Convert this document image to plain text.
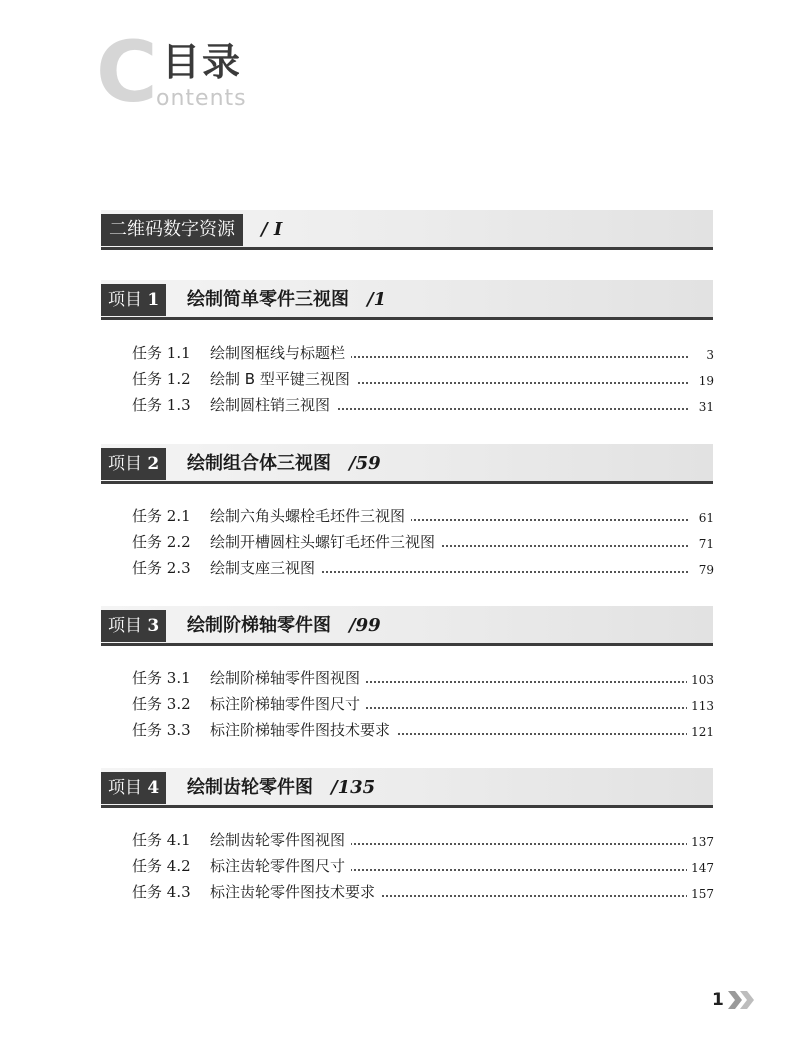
C 目录
ontents
二维码数字资源	/ I
项目 1	绘制简单零件三视图 /1
任务 1.1 绘制图框线与标题栏	3
任务 1.2 绘制 B 型平键三视图	19
任务 1.3 绘制圆柱销三视图	31
项目 2	绘制组合体三视图 /59
任务 2.1 绘制六角头螺栓毛坯件三视图	61
任务 2.2 绘制开槽圆柱头螺钉毛坯件三视图	71
任务 2.3 绘制支座三视图	79
项目 3	绘制阶梯轴零件图 /99
任务 3.1 绘制阶梯轴零件图视图	103
任务 3.2 标注阶梯轴零件图尺寸	113
任务 3.3 标注阶梯轴零件图技术要求	121
项目 4	绘制齿轮零件图 /135
任务 4.1 绘制齿轮零件图视图	137
任务 4.2 标注齿轮零件图尺寸	147
任务 4.3 标注齿轮零件图技术要求	157
1
